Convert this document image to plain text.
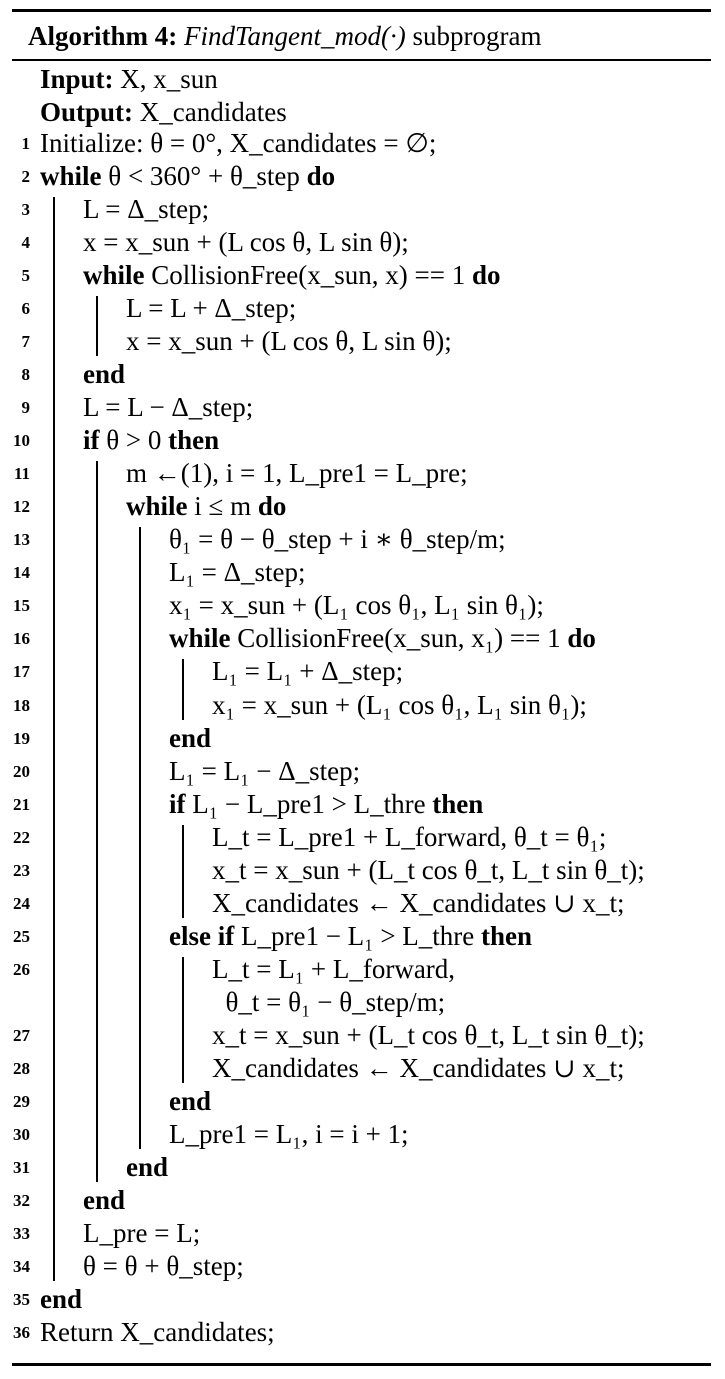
Algorithm 4: FindTangent_mod(·) subprogram
Input: X, x_sun
Output: X_candidates
1 Initialize: θ = 0°, X_candidates = ∅;
2 while θ < 360° + θ_step do
3 L = Δ_step;
4 x = x_sun + (L cos θ, L sin θ);
5 while CollisionFree(x_sun, x) == 1 do
6	L = L + Δ_step;
7	x = x_sun + (L cos θ, L sin θ);
8 end
9 L = L − Δ_step;
10 if θ > 0 then
11	m ←(1), i = 1, L_pre1 = L_pre;
12	while i ≤ m do
13	θ₁ = θ − θ_step + i ∗ θ_step/m;
14	L₁ = Δ_step;
15	x₁ = x_sun + (L₁ cos θ₁, L₁ sin θ₁);
16	while CollisionFree(x_sun, x₁) == 1 do
17	L₁ = L₁ + Δ_step;
18	x₁ = x_sun + (L₁ cos θ₁, L₁ sin θ₁);
19	end
20	L₁ = L₁ − Δ_step;
21	if L₁ − L_pre1 > L_thre then
22	L_t = L_pre1 + L_forward, θ_t = θ₁;
23	x_t = x_sun + (L_t cos θ_t, L_t sin θ_t);
24	X_candidates ← X_candidates ∪ x_t;
25	else if L_pre1 − L₁ > L_thre then
26	L_t = L₁ + L_forward,
θ_t = θ₁ − θ_step/m;
27	x_t = x_sun + (L_t cos θ_t, L_t sin θ_t);
28	X_candidates ← X_candidates ∪ x_t;
29	end
30	L_pre1 = L₁, i = i + 1;
31	end
32 end
33 L_pre = L;
34 θ = θ + θ_step;
35 end
36 Return X_candidates;
